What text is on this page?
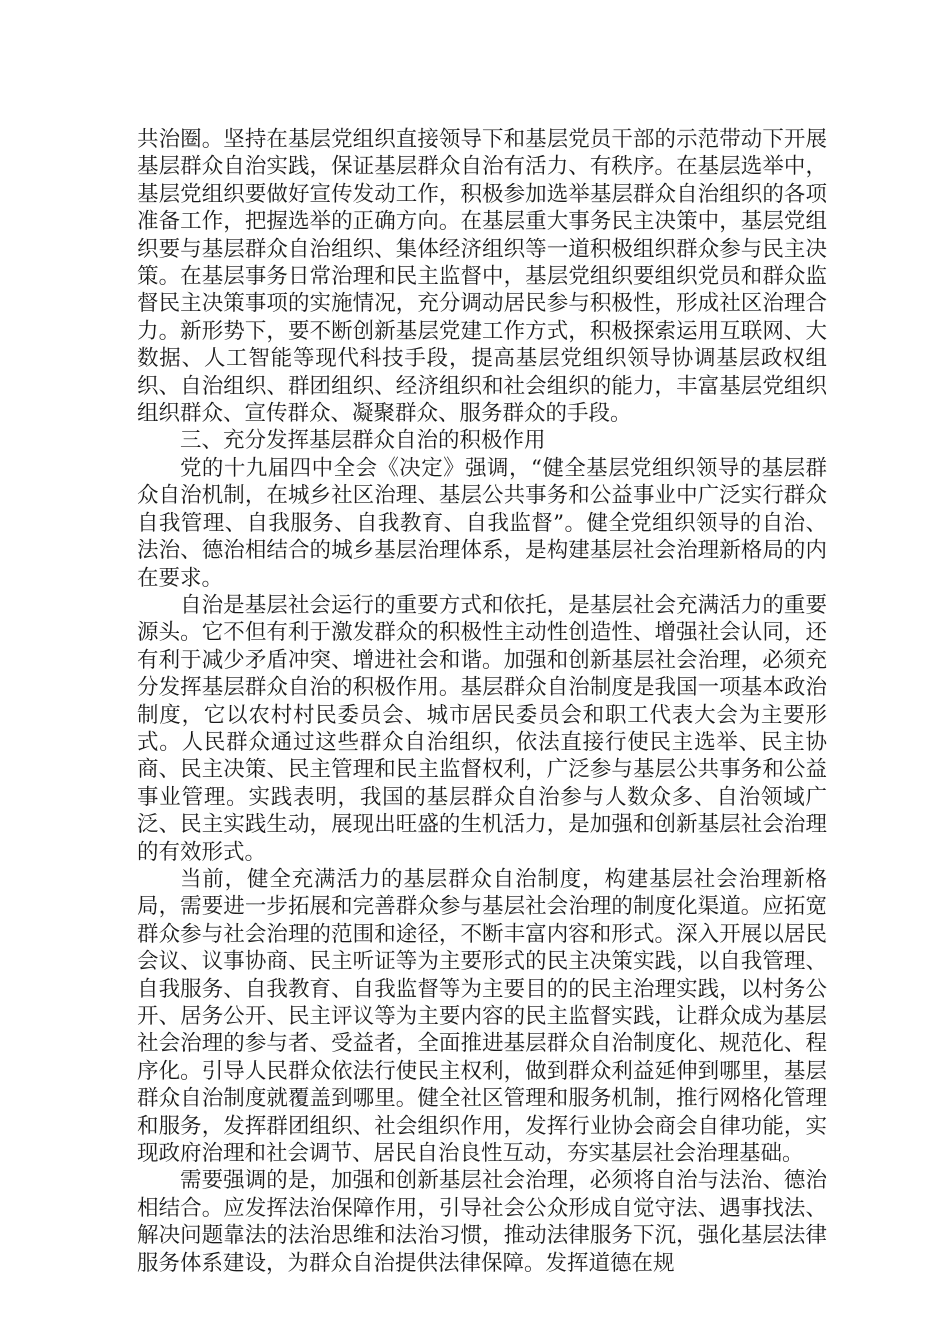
共治圈。坚持在基层党组织直接领导下和基层党员干部的示范带动下开展基层群众自治实践，保证基层群众自治有活力、有秩序。在基层选举中，基层党组织要做好宣传发动工作，积极参加选举基层群众自治组织的各项准备工作，把握选举的正确方向。在基层重大事务民主决策中，基层党组织要与基层群众自治组织、集体经济组织等一道积极组织群众参与民主决策。在基层事务日常治理和民主监督中，基层党组织要组织党员和群众监督民主决策事项的实施情况，充分调动居民参与积极性，形成社区治理合力。新形势下，要不断创新基层党建工作方式，积极探索运用互联网、大数据、人工智能等现代科技手段，提高基层党组织领导协调基层政权组织、自治组织、群团组织、经济组织和社会组织的能力，丰富基层党组织组织群众、宣传群众、凝聚群众、服务群众的手段。

三、充分发挥基层群众自治的积极作用

党的十九届四中全会《决定》强调，“健全基层党组织领导的基层群众自治机制，在城乡社区治理、基层公共事务和公益事业中广泛实行群众自我管理、自我服务、自我教育、自我监督”。健全党组织领导的自治、法治、德治相结合的城乡基层治理体系，是构建基层社会治理新格局的内在要求。

自治是基层社会运行的重要方式和依托，是基层社会充满活力的重要源头。它不但有利于激发群众的积极性主动性创造性、增强社会认同，还有利于减少矛盾冲突、增进社会和谐。加强和创新基层社会治理，必须充分发挥基层群众自治的积极作用。基层群众自治制度是我国一项基本政治制度，它以农村村民委员会、城市居民委员会和职工代表大会为主要形式。人民群众通过这些群众自治组织，依法直接行使民主选举、民主协商、民主决策、民主管理和民主监督权利，广泛参与基层公共事务和公益事业管理。实践表明，我国的基层群众自治参与人数众多、自治领域广泛、民主实践生动，展现出旺盛的生机活力，是加强和创新基层社会治理的有效形式。

当前，健全充满活力的基层群众自治制度，构建基层社会治理新格局，需要进一步拓展和完善群众参与基层社会治理的制度化渠道。应拓宽群众参与社会治理的范围和途径，不断丰富内容和形式。深入开展以居民会议、议事协商、民主听证等为主要形式的民主决策实践，以自我管理、自我服务、自我教育、自我监督等为主要目的的民主治理实践，以村务公开、居务公开、民主评议等为主要内容的民主监督实践，让群众成为基层社会治理的参与者、受益者，全面推进基层群众自治制度化、规范化、程序化。引导人民群众依法行使民主权利，做到群众利益延伸到哪里，基层群众自治制度就覆盖到哪里。健全社区管理和服务机制，推行网格化管理和服务，发挥群团组织、社会组织作用，发挥行业协会商会自律功能，实现政府治理和社会调节、居民自治良性互动，夯实基层社会治理基础。

需要强调的是，加强和创新基层社会治理，必须将自治与法治、德治相结合。应发挥法治保障作用，引导社会公众形成自觉守法、遇事找法、解决问题靠法的法治思维和法治习惯，推动法律服务下沉，强化基层法律服务体系建设，为群众自治提供法律保障。发挥道德在规
